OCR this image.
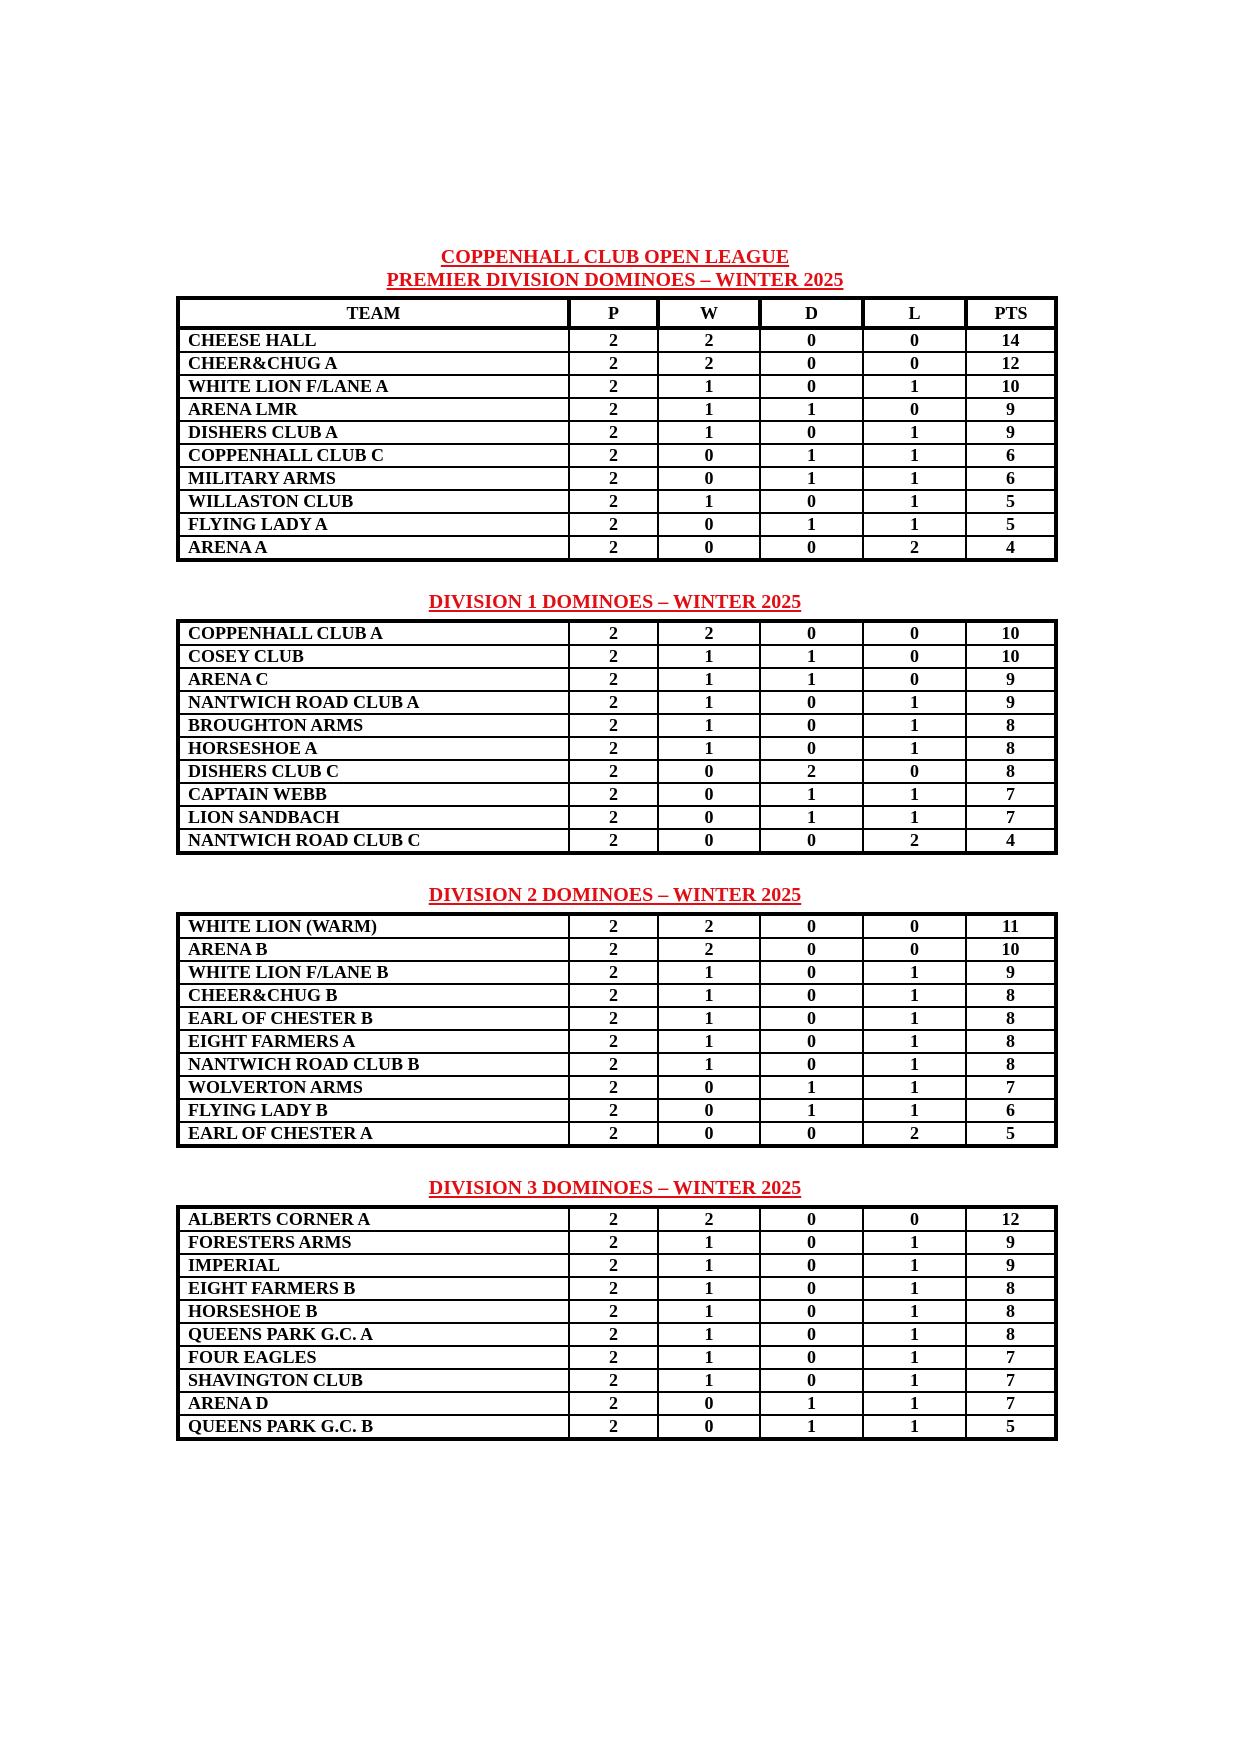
COPPENHALL CLUB OPEN LEAGUE
PREMIER DIVISION DOMINOES – WINTER 2025
TEAM	P	W	D	L	PTS
CHEESE HALL	2	2	0	0	14
CHEER&CHUG A	2	2	0	0	12
WHITE LION F/LANE A	2	1	0	1	10
ARENA LMR	2	1	1	0	9
DISHERS CLUB A	2	1	0	1	9
COPPENHALL CLUB C	2	0	1	1	6
MILITARY ARMS	2	0	1	1	6
WILLASTON CLUB	2	1	0	1	5
FLYING LADY A	2	0	1	1	5
ARENA A	2	0	0	2	4
DIVISION 1 DOMINOES – WINTER 2025
COPPENHALL CLUB A	2	2	0	0	10
COSEY CLUB	2	1	1	0	10
ARENA C	2	1	1	0	9
NANTWICH ROAD CLUB A	2	1	0	1	9
BROUGHTON ARMS	2	1	0	1	8
HORSESHOE A	2	1	0	1	8
DISHERS CLUB C	2	0	2	0	8
CAPTAIN WEBB	2	0	1	1	7
LION SANDBACH	2	0	1	1	7
NANTWICH ROAD CLUB C	2	0	0	2	4
DIVISION 2 DOMINOES – WINTER 2025
WHITE LION (WARM)	2	2	0	0	11
ARENA B	2	2	0	0	10
WHITE LION F/LANE B	2	1	0	1	9
CHEER&CHUG B	2	1	0	1	8
EARL OF CHESTER B	2	1	0	1	8
EIGHT FARMERS A	2	1	0	1	8
NANTWICH ROAD CLUB B	2	1	0	1	8
WOLVERTON ARMS	2	0	1	1	7
FLYING LADY B	2	0	1	1	6
EARL OF CHESTER A	2	0	0	2	5
DIVISION 3 DOMINOES – WINTER 2025
ALBERTS CORNER A	2	2	0	0	12
FORESTERS ARMS	2	1	0	1	9
IMPERIAL	2	1	0	1	9
EIGHT FARMERS B	2	1	0	1	8
HORSESHOE B	2	1	0	1	8
QUEENS PARK G.C. A	2	1	0	1	8
FOUR EAGLES	2	1	0	1	7
SHAVINGTON CLUB	2	1	0	1	7
ARENA D	2	0	1	1	7
QUEENS PARK G.C. B	2	0	1	1	5
